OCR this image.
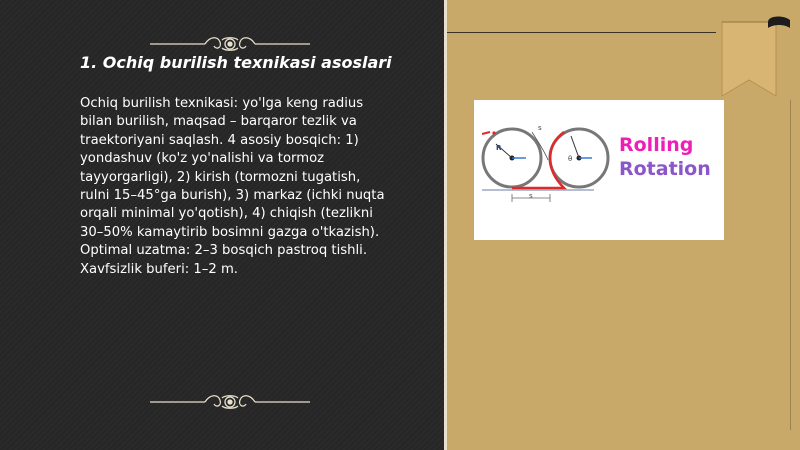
1. Ochiq burilish texnikasi asoslari
Ochiq burilish texnikasi: yo'lga keng radius
bilan burilish, maqsad – barqaror tezlik va
traektoriyani saqlash. 4 asosiy bosqich: 1)
yondashuv (ko'z yo'nalishi va tormoz
tayyorgarligi), 2) kirish (tormozni tugatish,
rulni 15–45°ga burish), 3) markaz (ichki nuqta
orqali minimal yo'qotish), 4) chiqish (tezlikni
30–50% kamaytirib bosimni gazga o'tkazish).
Optimal uzatma: 2–3 bosqich pastroq tishli.
Xavfsizlik buferi: 1–2 m.
R
s
θ
s
Rolling
Rotation
